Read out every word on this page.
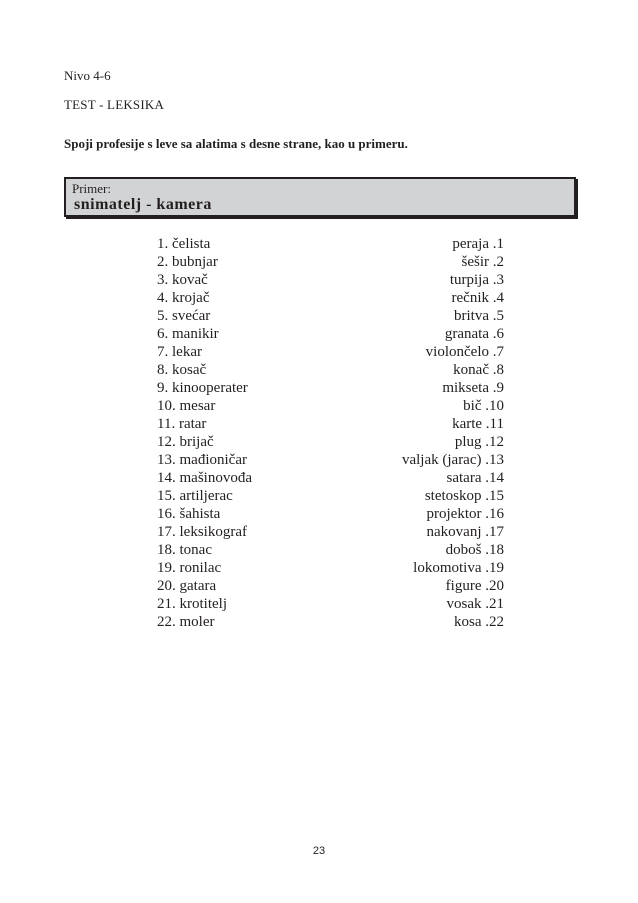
Nivo 4-6
TEST - LEKSIKA
Spoji profesije s leve sa alatima s desne strane, kao u primeru.
Primer:
snimatelj - kamera
1. čelista
2. bubnjar
3. kovač
4. krojač
5. svećar
6. manikir
7. lekar
8. kosač
9. kinooperater
10. mesar
11. ratar
12. brijač
13. mađioničar
14. mašinovođa
15. artiljerac
16. šahista
17. leksikograf
18. tonac
19. ronilac
20. gatara
21. krotitelj
22. moler
peraja .1
šešir .2
turpija .3
rečnik .4
britva .5
granata .6
violončelo .7
konač .8
mikseta .9
bič .10
karte .11
plug .12
valjak (jarac) .13
satara .14
stetoskop .15
projektor .16
nakovanj .17
doboš .18
lokomotiva .19
figure .20
vosak .21
kosa .22
23
